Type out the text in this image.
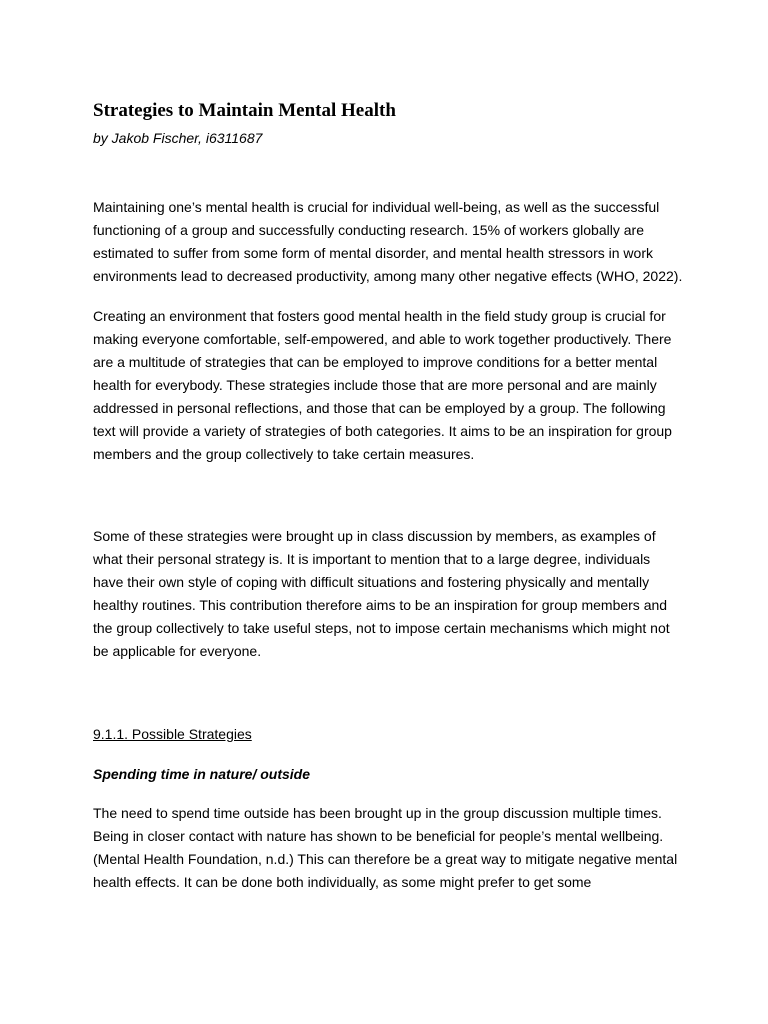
Strategies to Maintain Mental Health
by Jakob Fischer, i6311687

Maintaining one’s mental health is crucial for individual well-being, as well as the successful functioning of a group and successfully conducting research. 15% of workers globally are estimated to suffer from some form of mental disorder, and mental health stressors in work environments lead to decreased productivity, among many other negative effects (WHO, 2022).

Creating an environment that fosters good mental health in the field study group is crucial for making everyone comfortable, self-empowered, and able to work together productively. There are a multitude of strategies that can be employed to improve conditions for a better mental health for everybody. These strategies include those that are more personal and are mainly addressed in personal reflections, and those that can be employed by a group. The following text will provide a variety of strategies of both categories. It aims to be an inspiration for group members and the group collectively to take certain measures.

Some of these strategies were brought up in class discussion by members, as examples of what their personal strategy is. It is important to mention that to a large degree, individuals have their own style of coping with difficult situations and fostering physically and mentally healthy routines. This contribution therefore aims to be an inspiration for group members and the group collectively to take useful steps, not to impose certain mechanisms which might not be applicable for everyone.

9.1.1. Possible Strategies
Spending time in nature/ outside

The need to spend time outside has been brought up in the group discussion multiple times. Being in closer contact with nature has shown to be beneficial for people’s mental wellbeing. (Mental Health Foundation, n.d.) This can therefore be a great way to mitigate negative mental health effects. It can be done both individually, as some might prefer to get some
